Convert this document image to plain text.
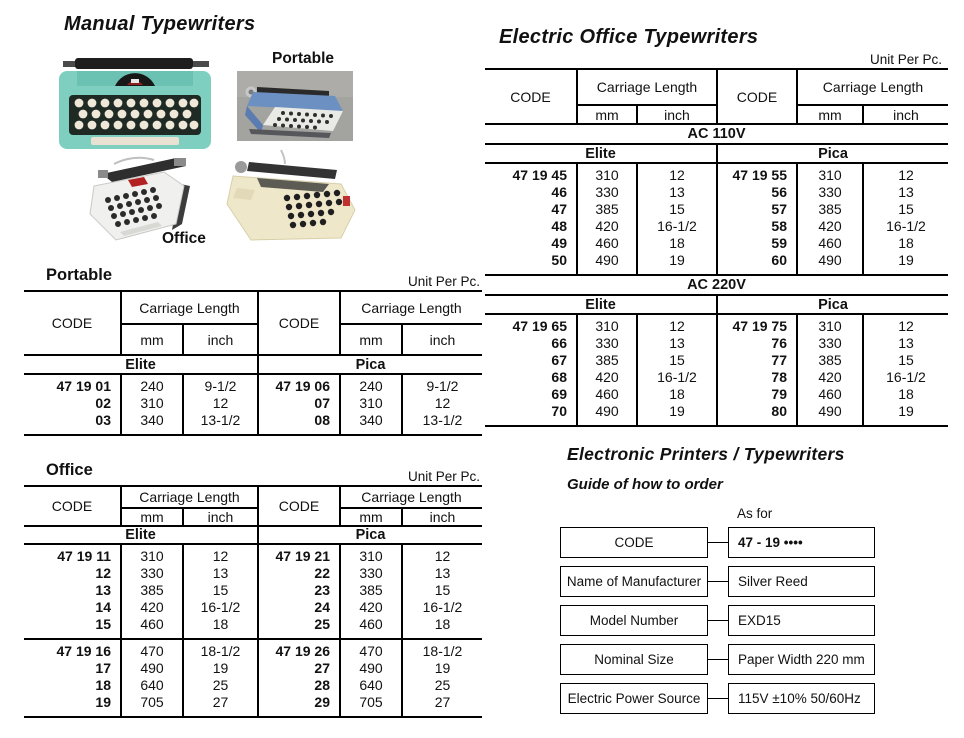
Manual Typewriters
Portable
Office
Portable	Unit Per Pc.
CODE	Carriage Length		CODE	Carriage Length	
	mm	inch		mm	inch
Elite			Pica		
47 19 01	240	9-1/2	47 19 06	240	9-1/2
02	310	12	07	310	12
03	340	13-1/2	08	340	13-1/2
Office	Unit Per Pc.
CODE	Carriage Length		CODE	Carriage Length	
	mm	inch		mm	inch
Elite			Pica		
47 19 11	310	12	47 19 21	310	12
12	330	13	22	330	13
13	385	15	23	385	15
14	420	16-1/2	24	420	16-1/2
15	460	18	25	460	18
47 19 16	470	18-1/2	47 19 26	470	18-1/2
17	490	19	27	490	19
18	640	25	28	640	25
19	705	27	29	705	27
Electric Office Typewriters
Unit Per Pc.
CODE	Carriage Length		CODE	Carriage Length	
	mm	inch		mm	inch
AC 110V					
Elite			Pica		
47 19 45	310	12	47 19 55	310	12
46	330	13	56	330	13
47	385	15	57	385	15
48	420	16-1/2	58	420	16-1/2
49	460	18	59	460	18
50	490	19	60	490	19
AC 220V					
Elite			Pica		
47 19 65	310	12	47 19 75	310	12
66	330	13	76	330	13
67	385	15	77	385	15
68	420	16-1/2	78	420	16-1/2
69	460	18	79	460	18
70	490	19	80	490	19
Electronic Printers / Typewriters
Guide of how to order
As for
CODE	47 - 19 ••••
Name of Manufacturer	Silver Reed
Model Number	EXD15
Nominal Size	Paper Width 220 mm
Electric Power Source	115V ±10% 50/60Hz
